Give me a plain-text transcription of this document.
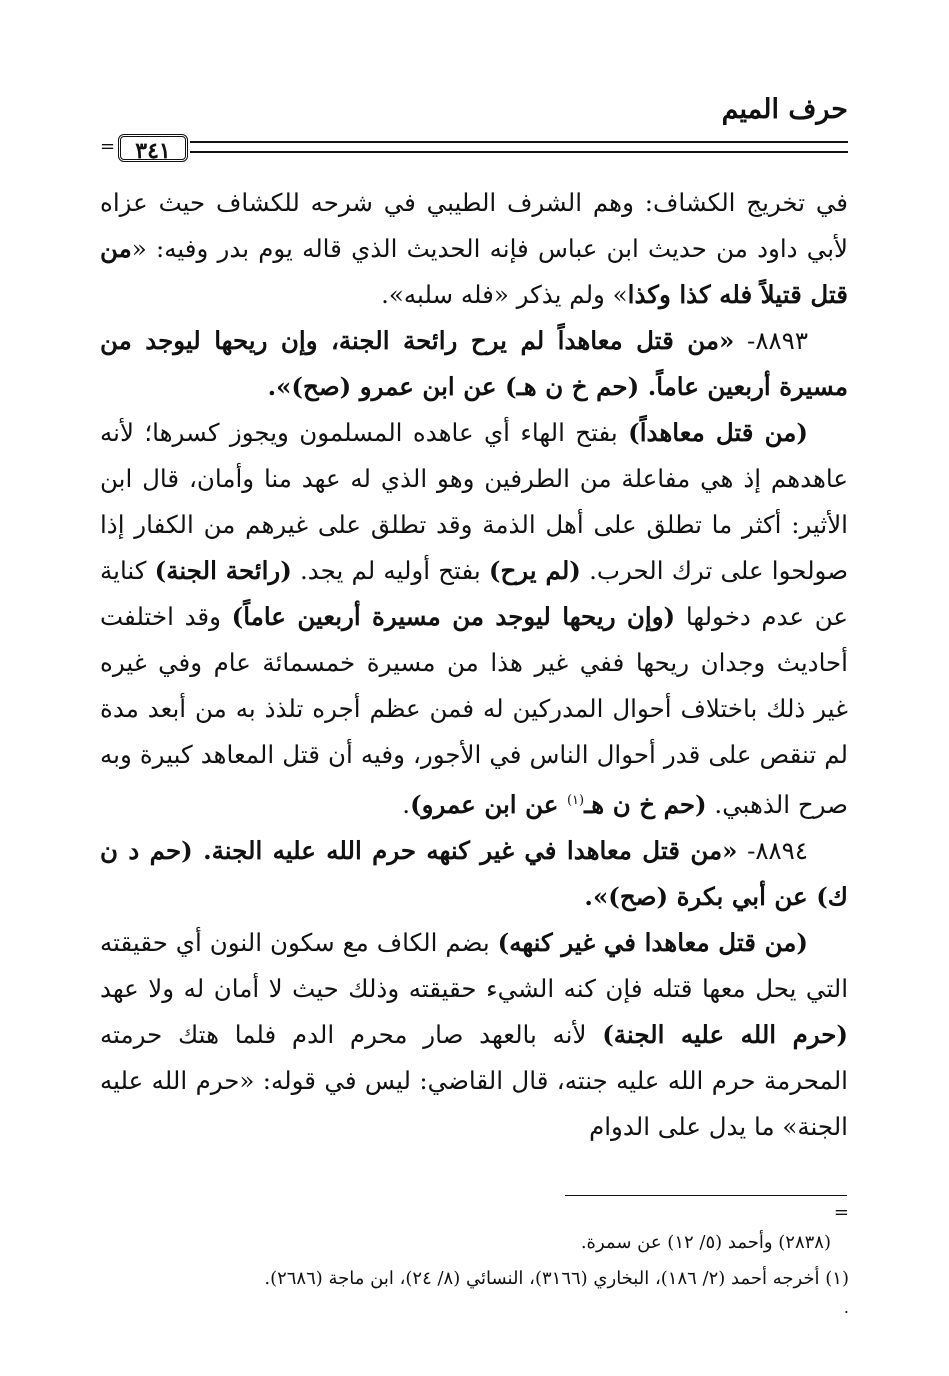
حرف الميم
٣٤١
=

في تخريج الكشاف: وهم الشرف الطيبي في شرحه للكشاف حيث عزاه لأبي داود من حديث ابن عباس فإنه الحديث الذي قاله يوم بدر وفيه: «من قتل قتيلاً فله كذا وكذا» ولم يذكر «فله سلبه».

٨٨٩٣- «من قتل معاهداً لم يرح رائحة الجنة، وإن ريحها ليوجد من مسيرة أربعين عاماً. (حم خ ن هـ) عن ابن عمرو (صح)».

(من قتل معاهداً) بفتح الهاء أي عاهده المسلمون ويجوز كسرها؛ لأنه عاهدهم إذ هي مفاعلة من الطرفين وهو الذي له عهد منا وأمان، قال ابن الأثير: أكثر ما تطلق على أهل الذمة وقد تطلق على غيرهم من الكفار إذا صولحوا على ترك الحرب. (لم يرح) بفتح أوليه لم يجد. (رائحة الجنة) كناية عن عدم دخولها (وإن ريحها ليوجد من مسيرة أربعين عاماً) وقد اختلفت أحاديث وجدان ريحها ففي غير هذا من مسيرة خمسمائة عام وفي غيره غير ذلك باختلاف أحوال المدركين له فمن عظم أجره تلذذ به من أبعد مدة لم تنقص على قدر أحوال الناس في الأجور، وفيه أن قتل المعاهد كبيرة وبه صرح الذهبي. (حم خ ن هـ$^{(١)}$ عن ابن عمرو).

٨٨٩٤- «من قتل معاهدا في غير كنهه حرم الله عليه الجنة. (حم د ن ك) عن أبي بكرة (صح)».

(من قتل معاهدا في غير كنهه) بضم الكاف مع سكون النون أي حقيقته التي يحل معها قتله فإن كنه الشيء حقيقته وذلك حيث لا أمان له ولا عهد (حرم الله عليه الجنة) لأنه بالعهد صار محرم الدم فلما هتك حرمته المحرمة حرم الله عليه جنته، قال القاضي: ليس في قوله: «حرم الله عليه الجنة» ما يدل على الدوام

=

(٢٨٣٨) وأحمد (٥/ ١٢) عن سمرة.

(١) أخرجه أحمد (٢/ ١٨٦)، البخاري (٣١٦٦)، النسائي (٨/ ٢٤)، ابن ماجة (٢٦٨٦).

.
